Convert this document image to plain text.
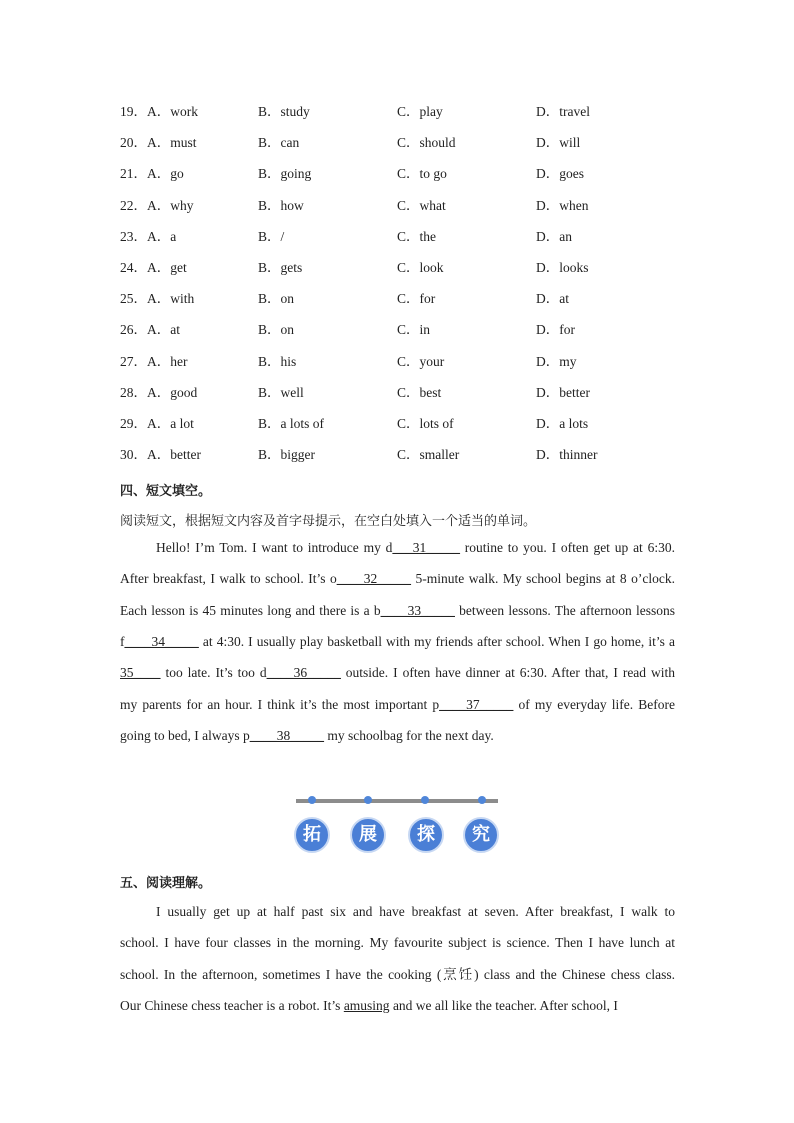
19．A．work	B．study	C．play	D．travel
20．A．must	B．can	C．should	D．will
21．A．go	B．going	C．to go	D．goes
22．A．why	B．how	C．what	D．when
23．A．a	B．/	C．the	D．an
24．A．get	B．gets	C．look	D．looks
25．A．with	B．on	C．for	D．at
26．A．at	B．on	C．in	D．for
27．A．her	B．his	C．your	D．my
28．A．good	B．well	C．best	D．better
29．A．a lot	B．a lots of	C．lots of	D．a lots
30．A．better	B．bigger	C．smaller	D．thinner
四、短文填空。
阅读短文，根据短文内容及首字母提示，在空白处填入一个适当的单词。
Hello! I’m Tom. I want to introduce my d___31_____ routine to you. I often get up at 6:30.
After breakfast, I walk to school. It’s o____32_____ 5-minute walk. My school begins at 8 o’clock.
Each lesson is 45 minutes long and there is a b____33_____ between lessons. The afternoon lessons
f____34_____ at 4:30. I usually play basketball with my friends after school. When I go home, it’s a
35____ too late. It’s too d____36_____ outside. I often have dinner at 6:30. After that, I read with
my parents for an hour. I think it’s the most important p____37_____ of my everyday life. Before
going to bed, I always p____38_____ my schoolbag for the next day.
拓	展	探	究
五、阅读理解。
I usually get up at half past six and have breakfast at seven. After breakfast, I walk to
school. I have four classes in the morning. My favourite subject is science. Then I have lunch at
school. In the afternoon, sometimes I have the cooking (烹饪) class and the Chinese chess class.
Our Chinese chess teacher is a robot. It’s amusing and we all like the teacher. After school, I
